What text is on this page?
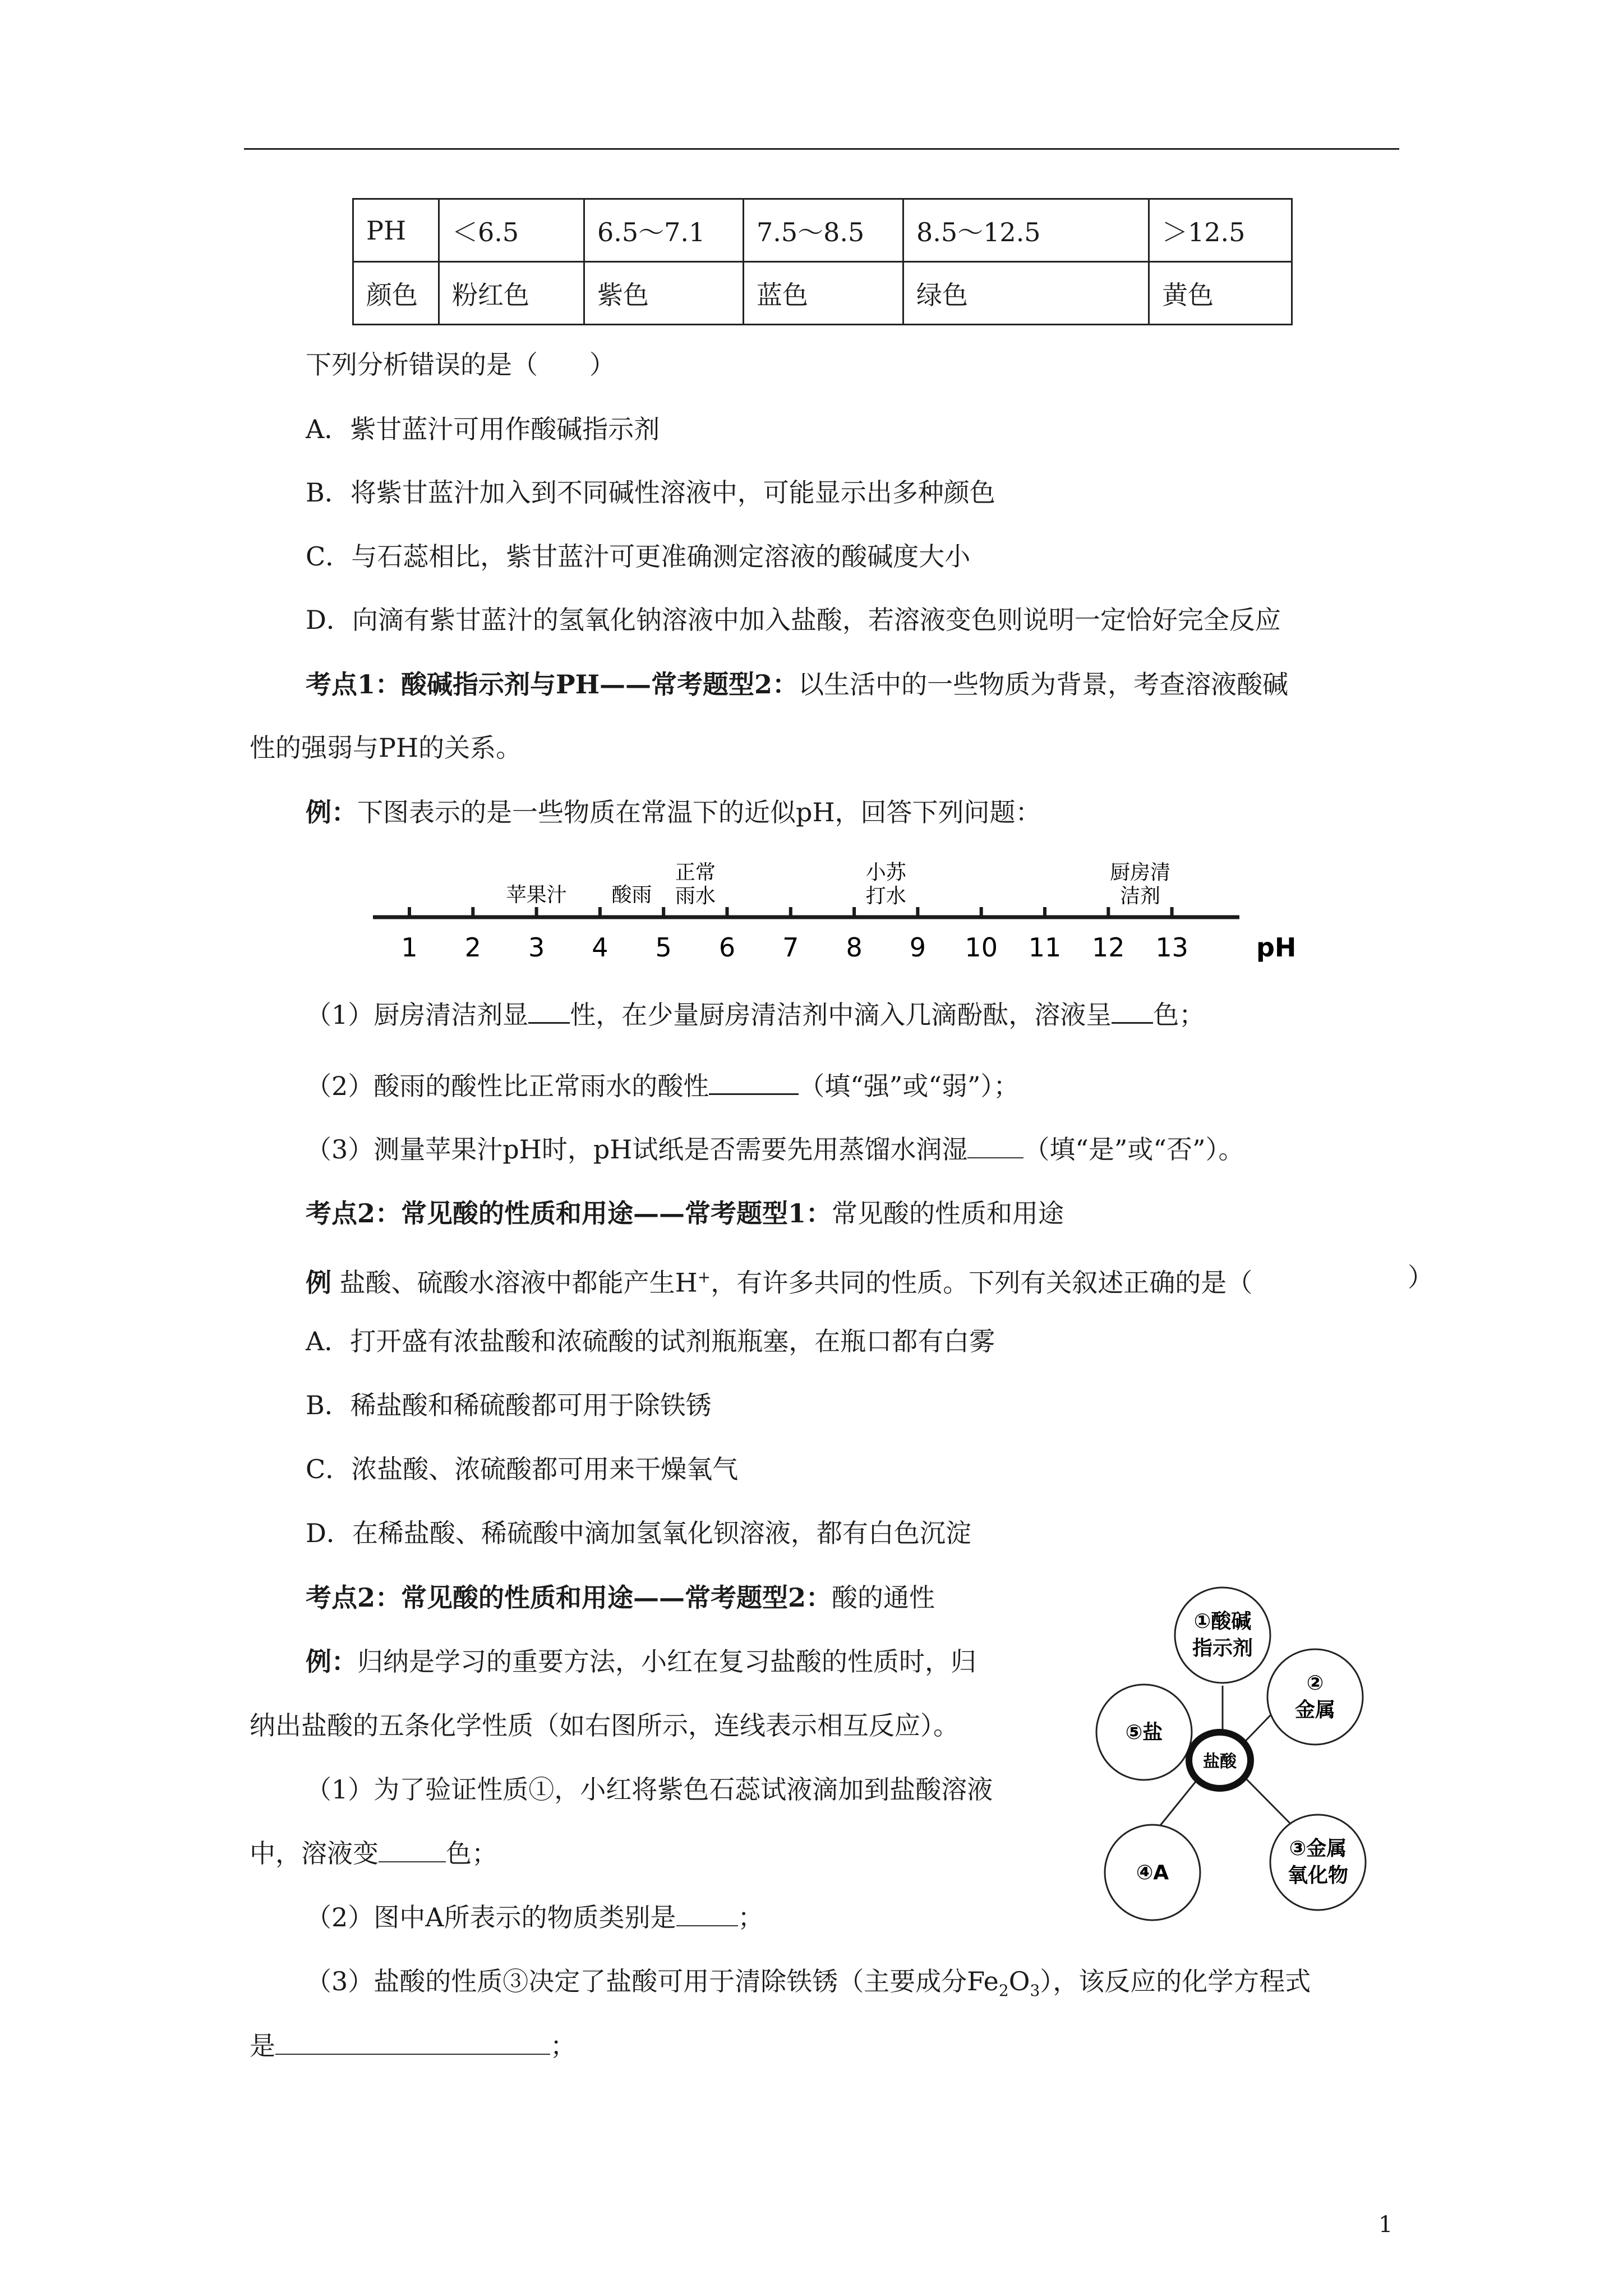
PH	＜6.5	6.5～7.1	7.5～8.5	8.5～12.5	＞12.5
颜色	粉红色	紫色	蓝色	绿色	黄色
下列分析错误的是（　　）
A．紫甘蓝汁可用作酸碱指示剂
B．将紫甘蓝汁加入到不同碱性溶液中，可能显示出多种颜色
C．与石蕊相比，紫甘蓝汁可更准确测定溶液的酸碱度大小
D．向滴有紫甘蓝汁的氢氧化钠溶液中加入盐酸，若溶液变色则说明一定恰好完全反应
考点1：酸碱指示剂与PH——常考题型2：以生活中的一些物质为背景，考查溶液酸碱
性的强弱与PH的关系。
例：下图表示的是一些物质在常温下的近似pH，回答下列问题：
1 2 3 4 5 6 7 8 9 10 11 12 13
苹果汁 酸雨
正常
雨水
小苏
打水
厨房清
洁剂
pH
（1）厨房清洁剂显 性，在少量厨房清洁剂中滴入几滴酚酞，溶液呈 色；
（2）酸雨的酸性比正常雨水的酸性	（填“强”或“弱”）；
（3）测量苹果汁pH时，pH试纸是否需要先用蒸馏水润湿 （填“是”或“否”）。
考点2：常见酸的性质和用途——常考题型1：常见酸的性质和用途
例 盐酸、硫酸水溶液中都能产生H+，有许多共同的性质。下列有关叙述正确的是（	）
A．打开盛有浓盐酸和浓硫酸的试剂瓶瓶塞，在瓶口都有白雾
B．稀盐酸和稀硫酸都可用于除铁锈
C．浓盐酸、浓硫酸都可用来干燥氧气
D．在稀盐酸、稀硫酸中滴加氢氧化钡溶液，都有白色沉淀
考点2：常见酸的性质和用途——常考题型2：酸的通性
例：归纳是学习的重要方法，小红在复习盐酸的性质时，归
纳出盐酸的五条化学性质（如右图所示，连线表示相互反应）。
（1）为了验证性质①，小红将紫色石蕊试液滴加到盐酸溶液
中，溶液变	色；
（2）图中A所表示的物质类别是 ；
（3）盐酸的性质③决定了盐酸可用于清除铁锈（主要成分$Fe_2O_3$），该反应的化学方程式
是	；
盐酸
①酸碱
指示剂
②
金属
③金属
氧化物
④A
⑤盐
1
